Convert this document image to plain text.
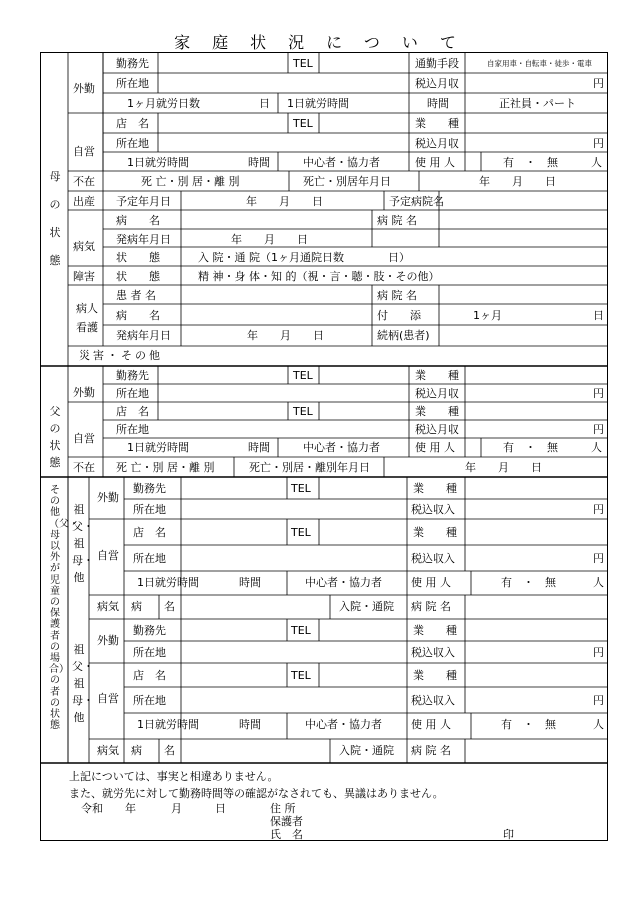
家庭状況について
母の状態
外勤
勤務先	TEL	通勤手段	自家用車・自転車・徒歩・電車
所在地	税込月収	円
1ヶ月就労日数	日 1日就労時間	時間	正社員・パート
自営
店　名	TEL	業　　種
所在地	税込月収	円
1日就労時間	時間	中心者・協力者	使 用 人	有　・　無	人
不在	死 亡・別 居・離 別	死亡・別居年月日	年　　月　　日
出産 予定年月日	年　　月　　日	予定病院名
病気
病　　名	病 院 名
発病年月日	年　　月　　日
状　　態	入 院・通 院（1ヶ月通院日数　　　　日）
障害 状　　態	精 神・身 体・知 的（視・言・聴・肢・その他）
病人看護
患 者 名	病 院 名
病　　名	付　　添	1ヶ月	日
発病年月日	年　　月　　日	続柄(患者)
災害・その他
父の状態
外勤
勤務先	TEL	業　　種
所在地	税込月収	円
自営
店　名	TEL	業　　種
所在地	税込月収	円
1日就労時間	時間	中心者・協力者	使 用 人	有　・　無	人
不在 死 亡・別 居・離 別	死亡・別居・離別年月日	年　　月　　日
その他（父・母以外が児童の保護者の場合）の者の状態
祖父・祖母・他
外勤
勤務先	TEL	業　　種
所在地	税込収入	円
自営
店　名	TEL	業　　種
所在地	税込収入	円
1日就労時間	時間	中心者・協力者	使 用 人	有　・　無	人
病気 病　　名	入院・通院 病 院 名
祖父・祖母・他
外勤
勤務先	TEL	業　　種
所在地	税込収入	円
自営
店　名	TEL	業　　種
所在地	税込収入	円
1日就労時間	時間	中心者・協力者	使 用 人	有　・　無	人
病気 病　　名	入院・通院 病 院 名
上記については、事実と相違ありません。
また、就労先に対して勤務時間等の確認がなされても、異議はありません。
令和 年	月	日	住 所
保護者
氏　名	印
